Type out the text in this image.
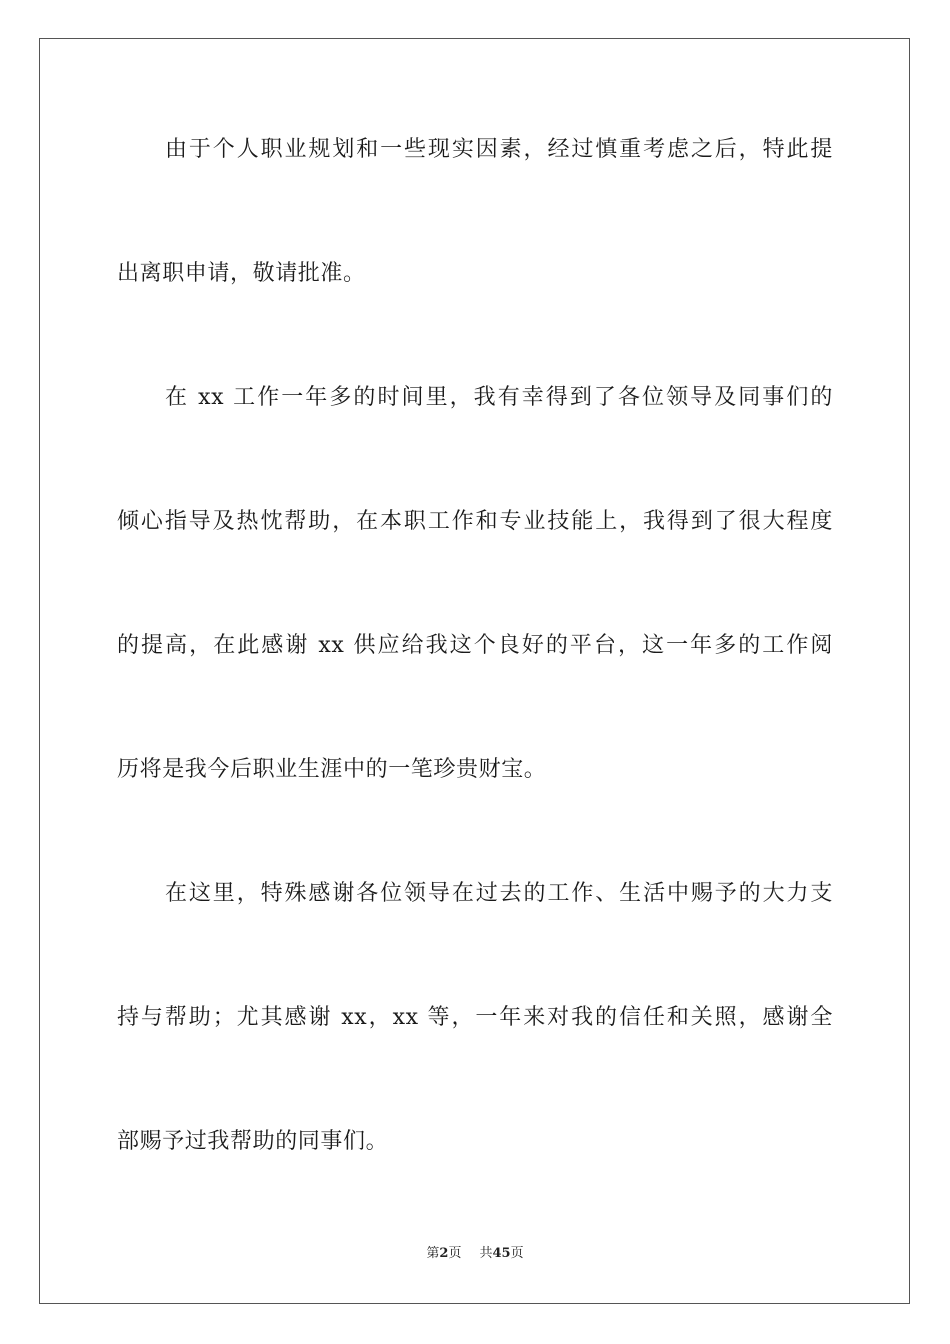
由于个人职业规划和一些现实因素，经过慎重考虑之后，特此提
出离职申请，敬请批准。
在 xx 工作一年多的时间里，我有幸得到了各位领导及同事们的
倾心指导及热忱帮助，在本职工作和专业技能上，我得到了很大程度
的提高，在此感谢 xx 供应给我这个良好的平台，这一年多的工作阅
历将是我今后职业生涯中的一笔珍贵财宝。
在这里，特殊感谢各位领导在过去的工作、生活中赐予的大力支
持与帮助；尤其感谢 xx，xx 等，一年来对我的信任和关照，感谢全
部赐予过我帮助的同事们。
第2页 共45页
